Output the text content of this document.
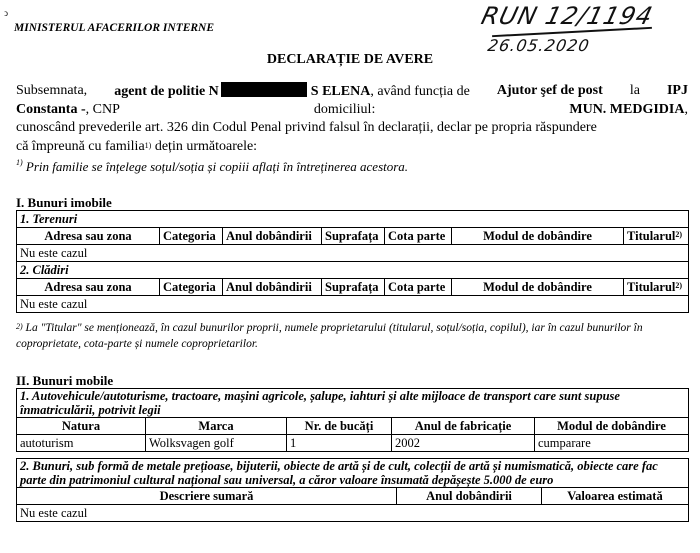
ↄ
MINISTERUL AFACERILOR INTERNE	RUN 12/1194
26.05.2020
DECLARAȚIE DE AVERE
Subsemnata, agent de politie N	S ELENA, având funcția de Ajutor şef de post la IPJ
Constanta -, CNP	domiciliul:	MUN. MEDGIDIA,
cunoscând prevederile art. 326 din Codul Penal privind falsul în declarații, declar pe propria răspundere
că împreună cu familia$^{1)}$ dețin următoarele:
$^{1)}$ Prin familie se înțelege soțul/soția și copiii aflați în întreținerea acestora.
I. Bunuri imobile
1. Terenuri						
Adresa sau zona	Categoria	Anul dobândirii	Suprafața	Cota parte	Modul de dobândire	Titularul$^{2)}$
Nu este cazul						
2. Clădiri						
Adresa sau zona	Categoria	Anul dobândirii	Suprafața	Cota parte	Modul de dobândire	Titularul$^{2)}$
Nu este cazul						
$^{2)}$ La "Titular" se menționează, în cazul bunurilor proprii, numele proprietarului (titularul, soțul/soția, copilul), iar în cazul bunurilor în coproprietate, cota-parte și numele coproprietarilor.
II. Bunuri mobile
1. Autovehicule/autoturisme, tractoare, mașini agricole, șalupe, iahturi și alte mijloace de transport care sunt supuse înmatriculării, potrivit legii				
Natura	Marca	Nr. de bucăți	Anul de fabricație	Modul de dobândire
autoturism	Wolksvagen golf	1	2002	cumparare
2. Bunuri, sub formă de metale prețioase, bijuterii, obiecte de artă și de cult, colecții de artă și numismatică, obiecte care fac parte din patrimoniul cultural național sau universal, a căror valoare însumată depășește 5.000 de euro
Descriere sumară	Anul dobândirii	Valoarea estimată
Nu este cazul
